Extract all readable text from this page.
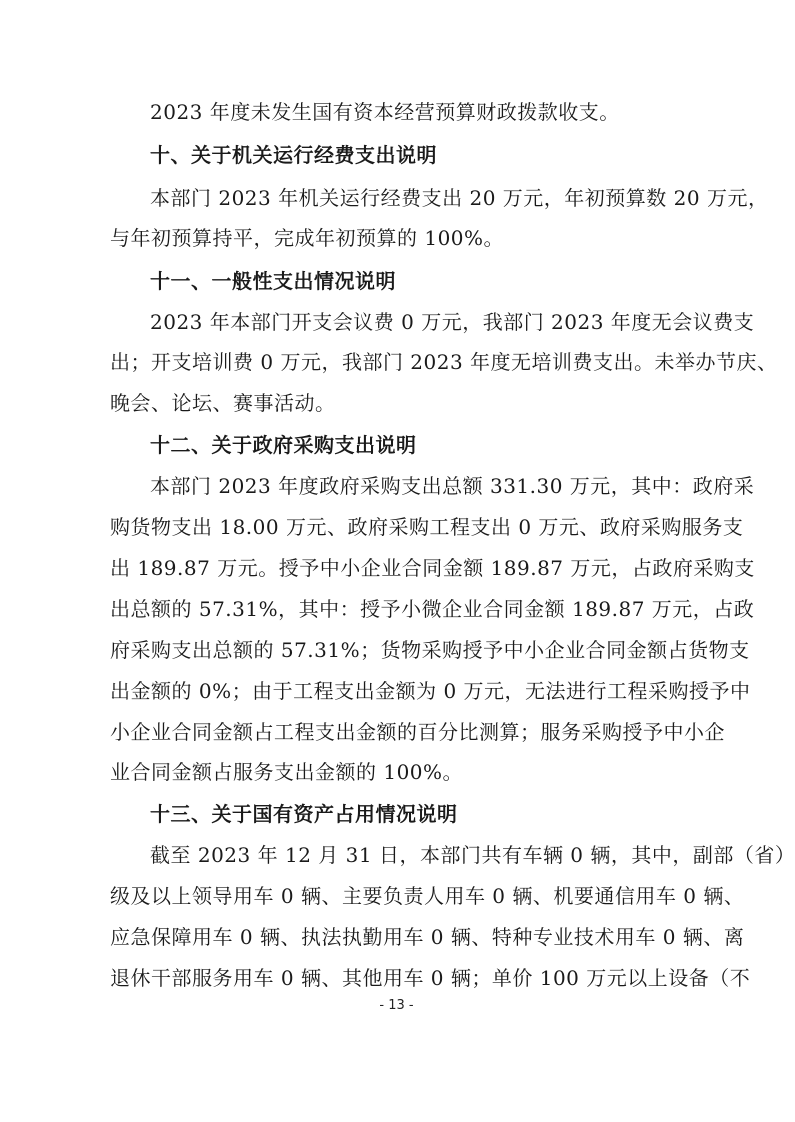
2023 年度未发生国有资本经营预算财政拨款收支。
十、关于机关运行经费支出说明
本部门 2023 年机关运行经费支出 20 万元，年初预算数 20 万元，
与年初预算持平，完成年初预算的 100%。
十一、一般性支出情况说明
2023 年本部门开支会议费 0 万元，我部门 2023 年度无会议费支
出；开支培训费 0 万元，我部门 2023 年度无培训费支出。未举办节庆、
晚会、论坛、赛事活动。
十二、关于政府采购支出说明
本部门 2023 年度政府采购支出总额 331.30 万元，其中：政府采
购货物支出 18.00 万元、政府采购工程支出 0 万元、政府采购服务支
出 189.87 万元。授予中小企业合同金额 189.87 万元，占政府采购支
出总额的 57.31%，其中：授予小微企业合同金额 189.87 万元，占政
府采购支出总额的 57.31%；货物采购授予中小企业合同金额占货物支
出金额的 0%；由于工程支出金额为 0 万元，无法进行工程采购授予中
小企业合同金额占工程支出金额的百分比测算；服务采购授予中小企
业合同金额占服务支出金额的 100%。
十三、关于国有资产占用情况说明
截至 2023 年 12 月 31 日，本部门共有车辆 0 辆，其中，副部（省）
级及以上领导用车 0 辆、主要负责人用车 0 辆、机要通信用车 0 辆、
应急保障用车 0 辆、执法执勤用车 0 辆、特种专业技术用车 0 辆、离
退休干部服务用车 0 辆、其他用车 0 辆；单价 100 万元以上设备（不
- 13 -
